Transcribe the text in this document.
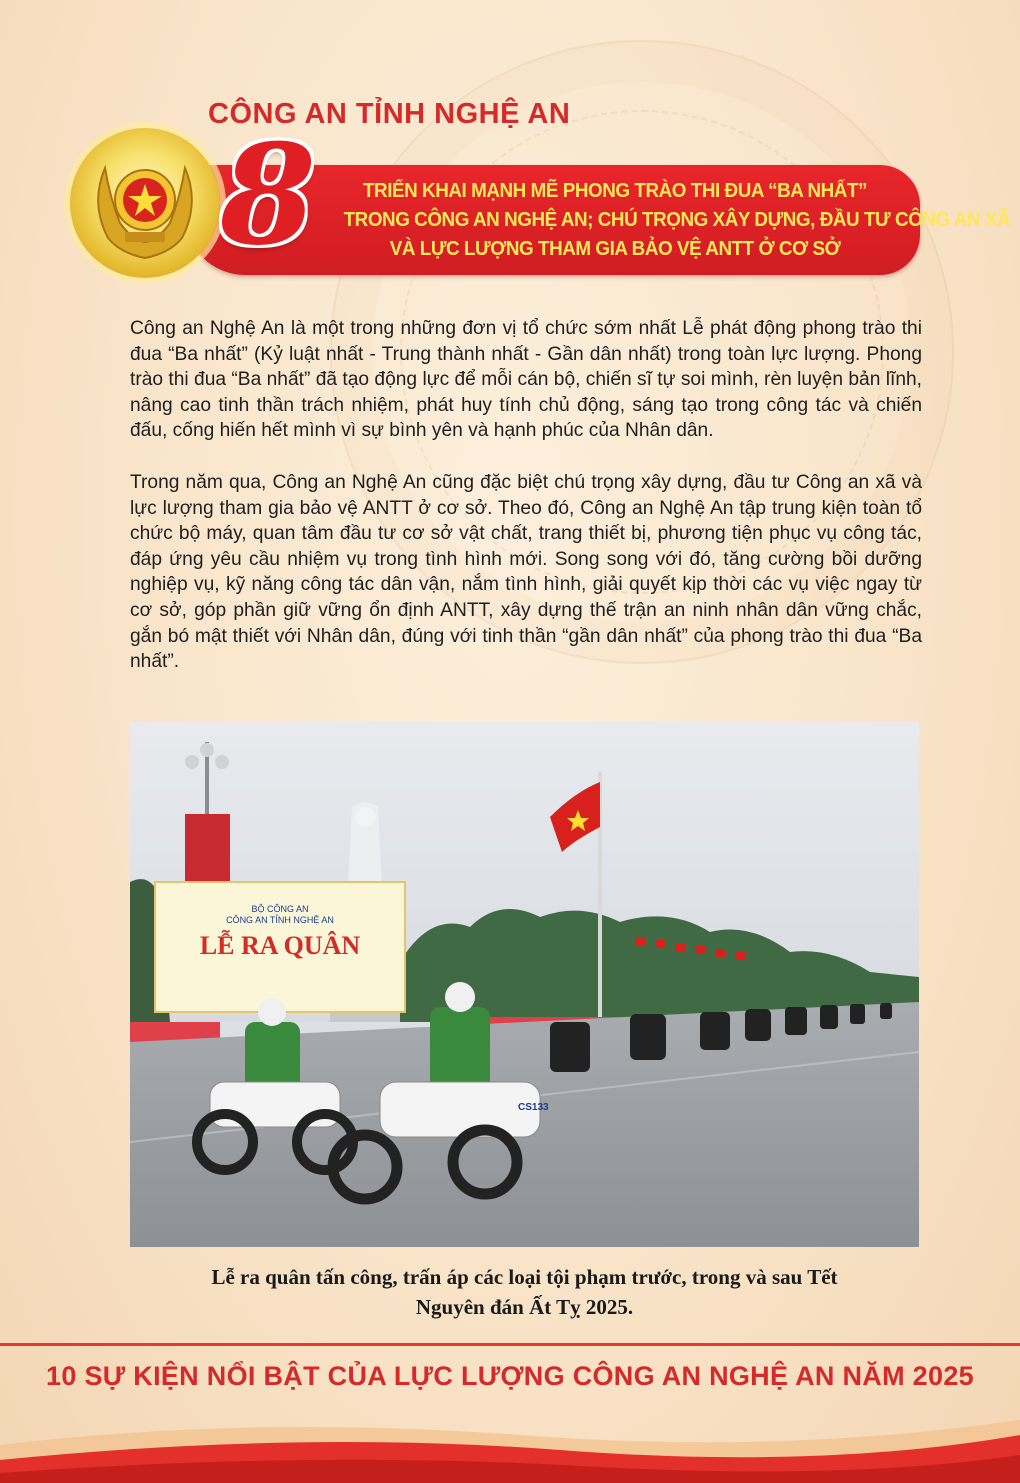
CÔNG AN TỈNH NGHỆ AN
8	TRIỂN KHAI MẠNH MẼ PHONG TRÀO THI ĐUA “BA NHẤT”
TRONG CÔNG AN NGHỆ AN; CHÚ TRỌNG XÂY DỰNG, ĐẦU TƯ CÔNG AN XÃ
VÀ LỰC LƯỢNG THAM GIA BẢO VỆ ANTT Ở CƠ SỞ

Công an Nghệ An là một trong những đơn vị tổ chức sớm nhất Lễ phát động phong trào thi đua “Ba nhất” (Kỷ luật nhất - Trung thành nhất - Gần dân nhất) trong toàn lực lượng. Phong trào thi đua “Ba nhất” đã tạo động lực để mỗi cán bộ, chiến sĩ tự soi mình, rèn luyện bản lĩnh, nâng cao tinh thần trách nhiệm, phát huy tính chủ động, sáng tạo trong công tác và chiến đấu, cống hiến hết mình vì sự bình yên và hạnh phúc của Nhân dân.

Trong năm qua, Công an Nghệ An cũng đặc biệt chú trọng xây dựng, đầu tư Công an xã và lực lượng tham gia bảo vệ ANTT ở cơ sở. Theo đó, Công an Nghệ An tập trung kiện toàn tổ chức bộ máy, quan tâm đầu tư cơ sở vật chất, trang thiết bị, phương tiện phục vụ công tác, đáp ứng yêu cầu nhiệm vụ trong tình hình mới. Song song với đó, tăng cường bồi dưỡng nghiệp vụ, kỹ năng công tác dân vận, nắm tình hình, giải quyết kịp thời các vụ việc ngay từ cơ sở, góp phần giữ vững ổn định ANTT, xây dựng thế trận an ninh nhân dân vững chắc, gắn bó mật thiết với Nhân dân, đúng với tinh thần “gần dân nhất” của phong trào thi đua “Ba nhất”.

BỘ CÔNG AN
CÔNG AN TỈNH NGHỆ AN
LỄ RA QUÂN
CS133
Lễ ra quân tấn công, trấn áp các loại tội phạm trước, trong và sau Tết
Nguyên đán Ất Tỵ 2025.
10 SỰ KIỆN NỔI BẬT CỦA LỰC LƯỢNG CÔNG AN NGHỆ AN NĂM 2025
